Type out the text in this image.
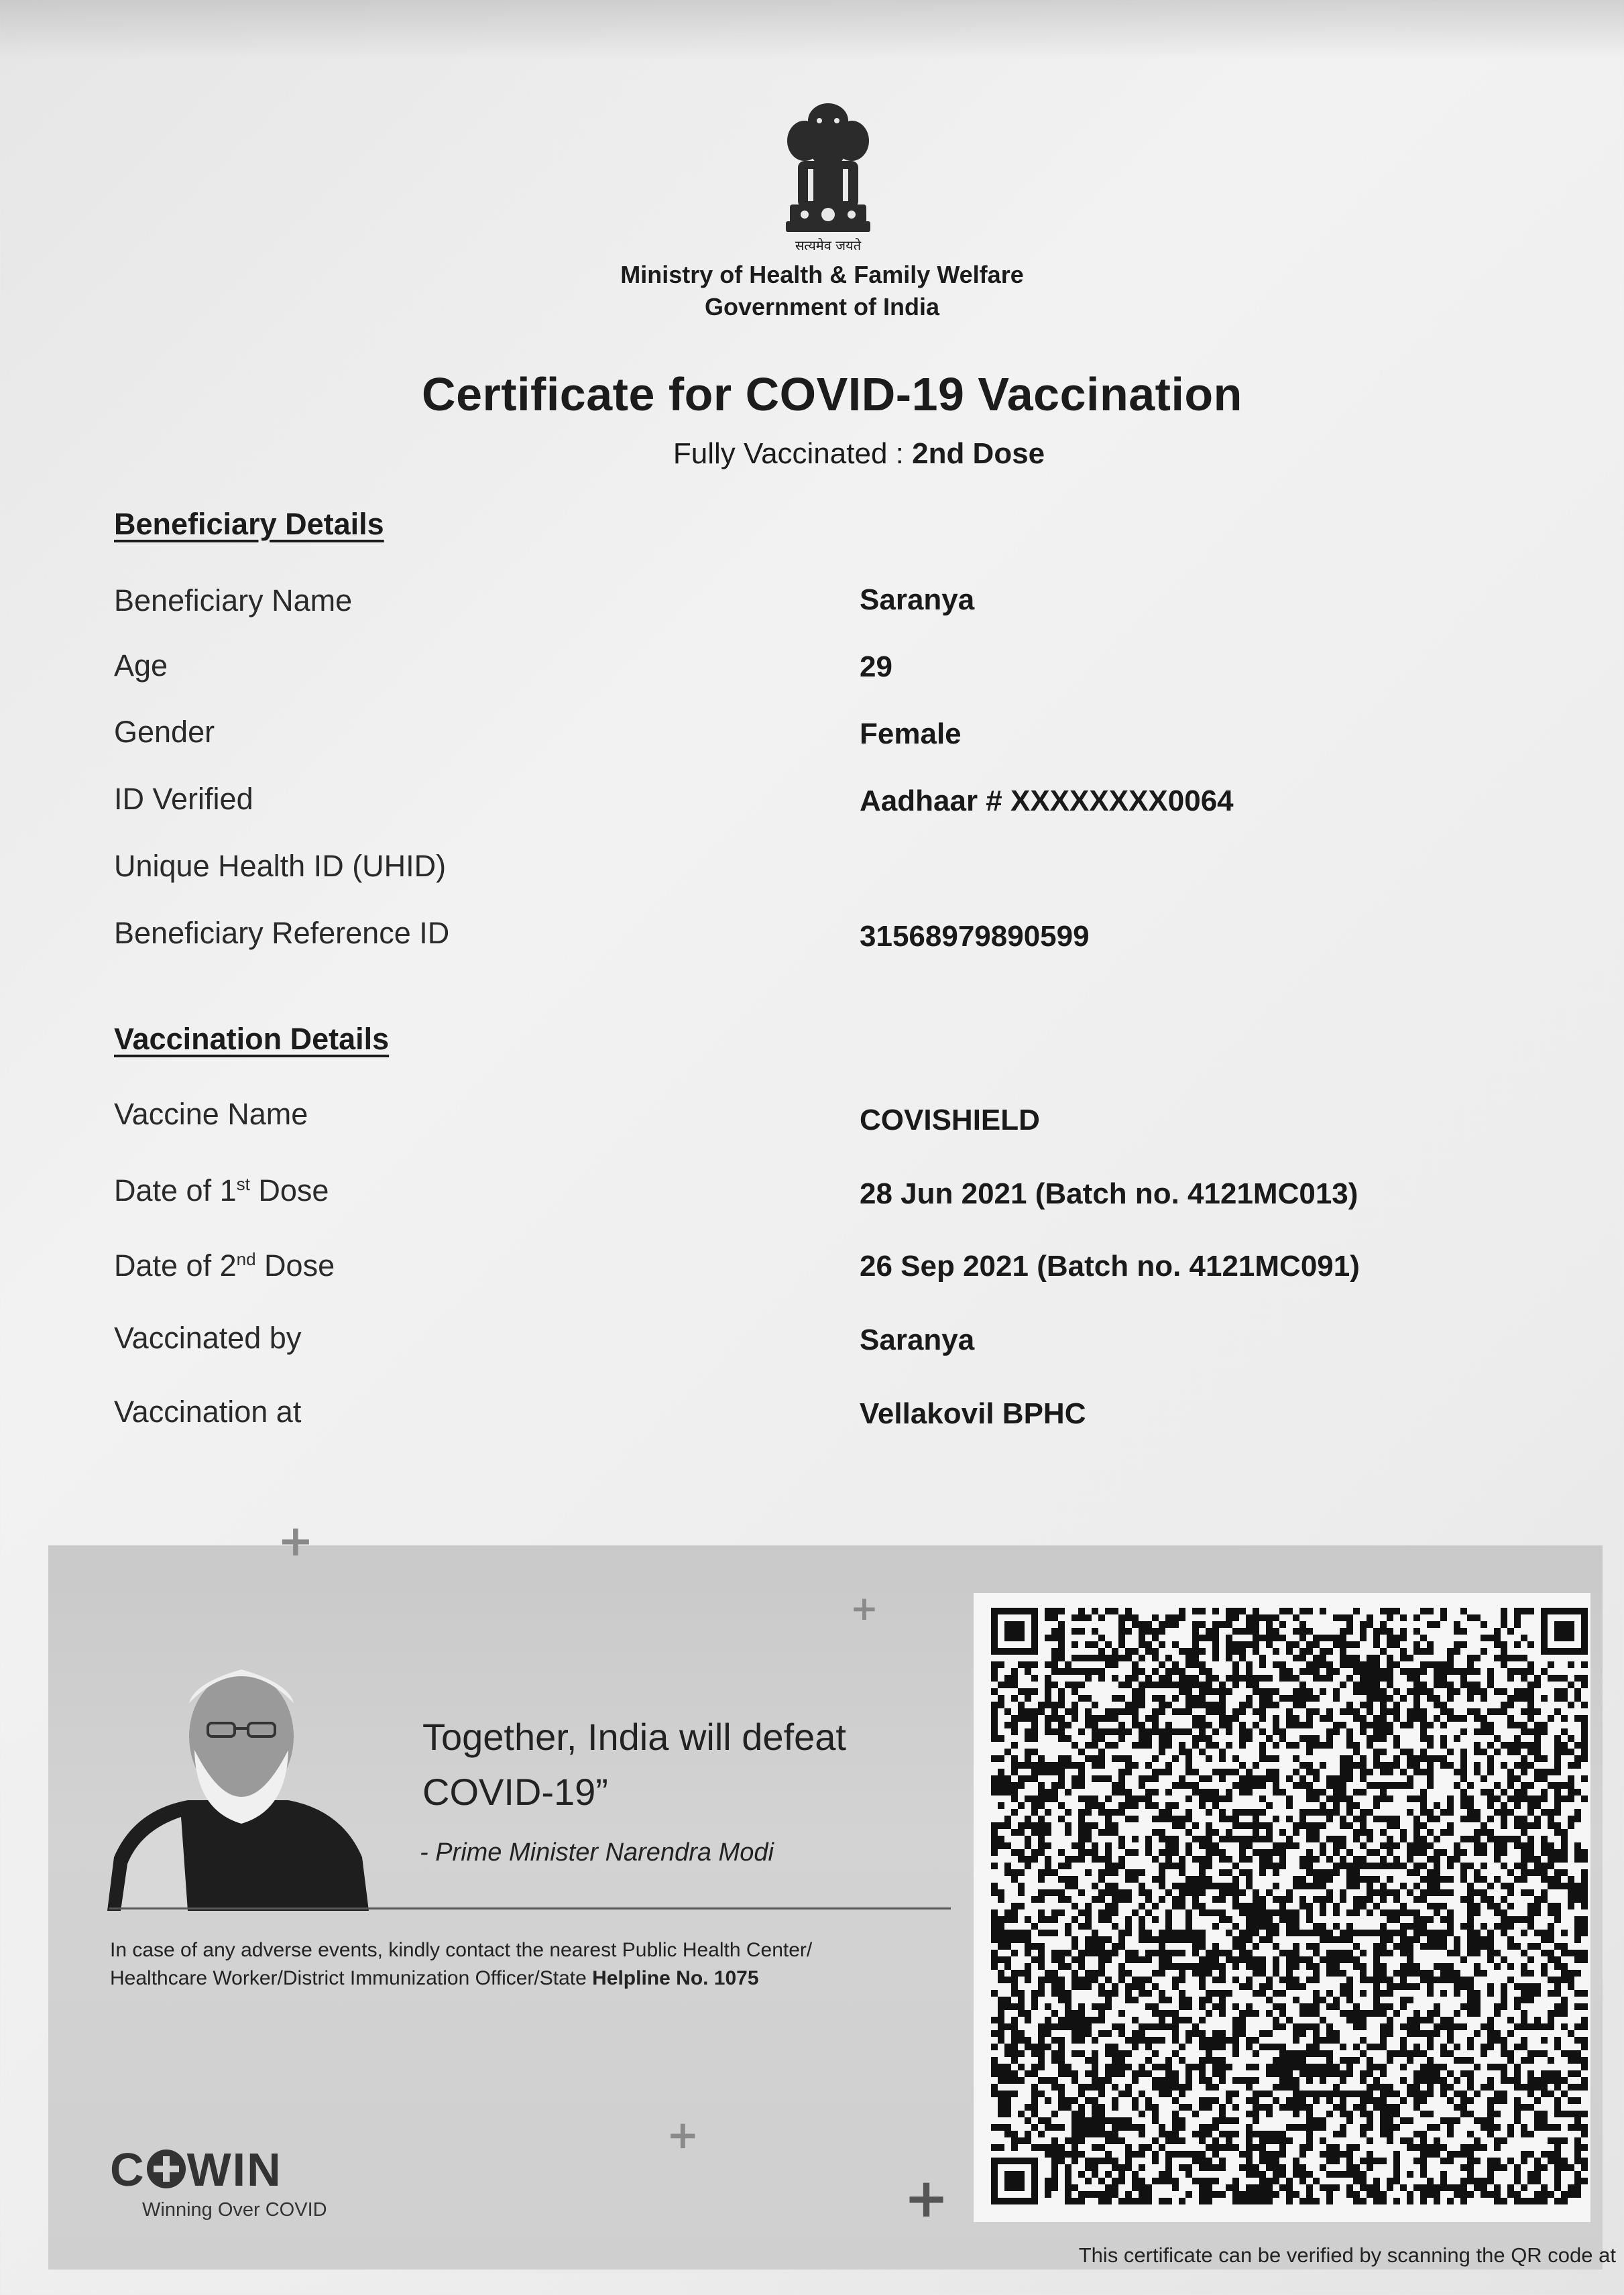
सत्यमेव जयते
Ministry of Health & Family Welfare
Government of India
Certificate for COVID-19 Vaccination
Fully Vaccinated : 2nd Dose
Beneficiary Details
Beneficiary Name	Saranya
Age	29
Gender	Female
ID Verified	Aadhaar # XXXXXXXX0064
Unique Health ID (UHID)
Beneficiary Reference ID	31568979890599
Vaccination Details
Vaccine Name	COVISHIELD
Date of 1st Dose	28 Jun 2021 (Batch no. 4121MC013)
Date of 2nd Dose	26 Sep 2021 (Batch no. 4121MC091)
Vaccinated by	Saranya
Vaccination at	Vellakovil BPHC
+
+
+
+
Together, India will defeat
COVID-19”
- Prime Minister Narendra Modi
In case of any adverse events, kindly contact the nearest Public Health Center/
Healthcare Worker/District Immunization Officer/State Helpline No. 1075
C WIN
Winning Over COVID
This certificate can be verified by scanning the QR code at
